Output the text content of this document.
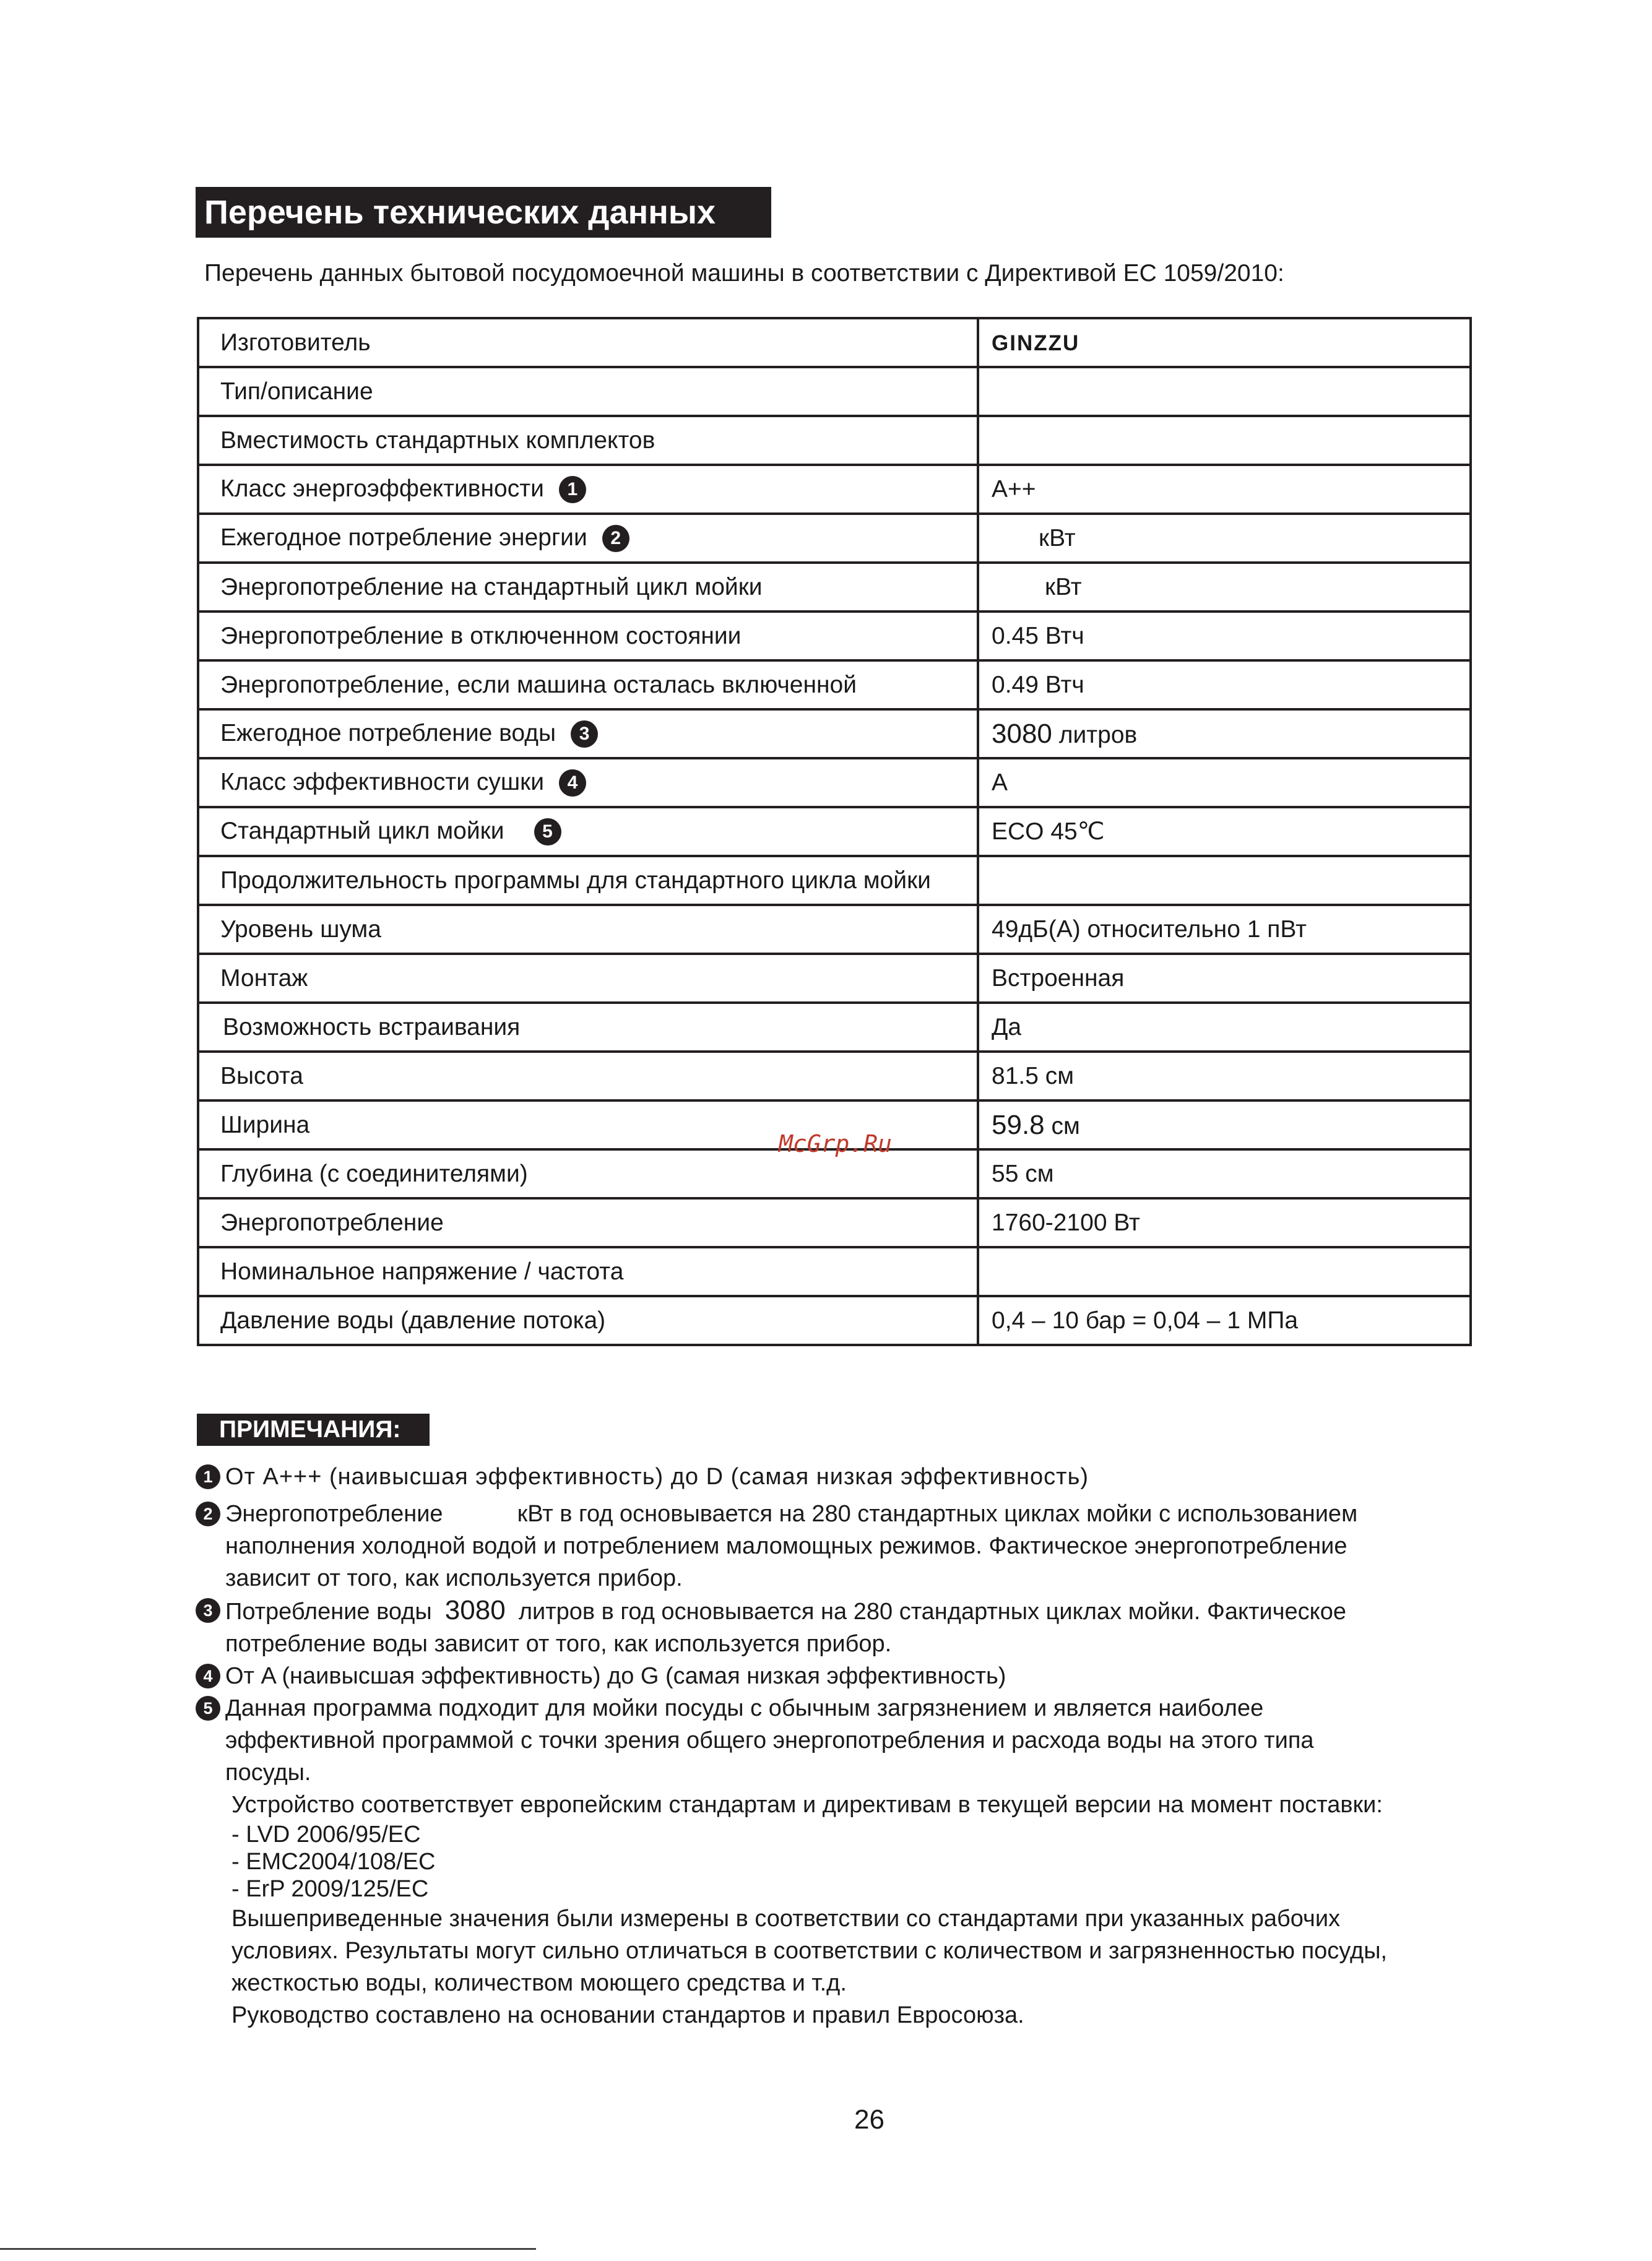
Перечень технических данных
Перечень данных бытовой посудомоечной машины в соответствии с Директивой EC 1059/2010:
Изготовитель	GINZZU
Тип/описание	
Вместимость стандартных комплектов	
Класс энергоэффективности 1	A++
Ежегодное потребление энергии 2	кВт
Энергопотребление на стандартный цикл мойки	кВт
Энергопотребление в отключенном состоянии	0.45 Втч
Энергопотребление, если машина осталась включенной	0.49 Втч
Ежегодное потребление воды 3	3080 литров
Класс эффективности сушки 4	A
Стандартный цикл мойки 5	ECO 45℃
Продолжительность программы для стандартного цикла мойки	
Уровень шума	49дБ(A) относительно 1 пВт
Монтаж	Встроенная
Возможность встраивания	Да
Высота	81.5 см
Ширина	59.8 см
Глубина (с соединителями)	55 см
Энергопотребление	1760-2100 Вт
Номинальное напряжение / частота	
Давление воды (давление потока)	0,4 – 10 бар = 0,04 – 1 МПа
McGrp.Ru
ПРИМЕЧАНИЯ:
1 От A+++ (наивысшая эффективность) до D (самая низкая эффективность)
2 Энергопотребление	кВт в год основывается на 280 стандартных циклах мойки с использованием
наполнения холодной водой и потреблением маломощных режимов. Фактическое энергопотребление
зависит от того, как используется прибор.
3 Потребление воды 3080 литров в год основывается на 280 стандартных циклах мойки. Фактическое
потребление воды зависит от того, как используется прибор.
4 От A (наивысшая эффективность) до G (самая низкая эффективность)
5 Данная программа подходит для мойки посуды с обычным загрязнением и является наиболее
эффективной программой с точки зрения общего энергопотребления и расхода воды на этого типа
посуды.
Устройство соответствует европейским стандартам и директивам в текущей версии на момент поставки:
- LVD 2006/95/EC
- EMC2004/108/EC
- ErP 2009/125/EC
Вышеприведенные значения были измерены в соответствии со стандартами при указанных рабочих
условиях. Результаты могут сильно отличаться в соответствии с количеством и загрязненностью посуды,
жесткостью воды, количеством моющего средства и т.д.
Руководство составлено на основании стандартов и правил Евросоюза.
26
